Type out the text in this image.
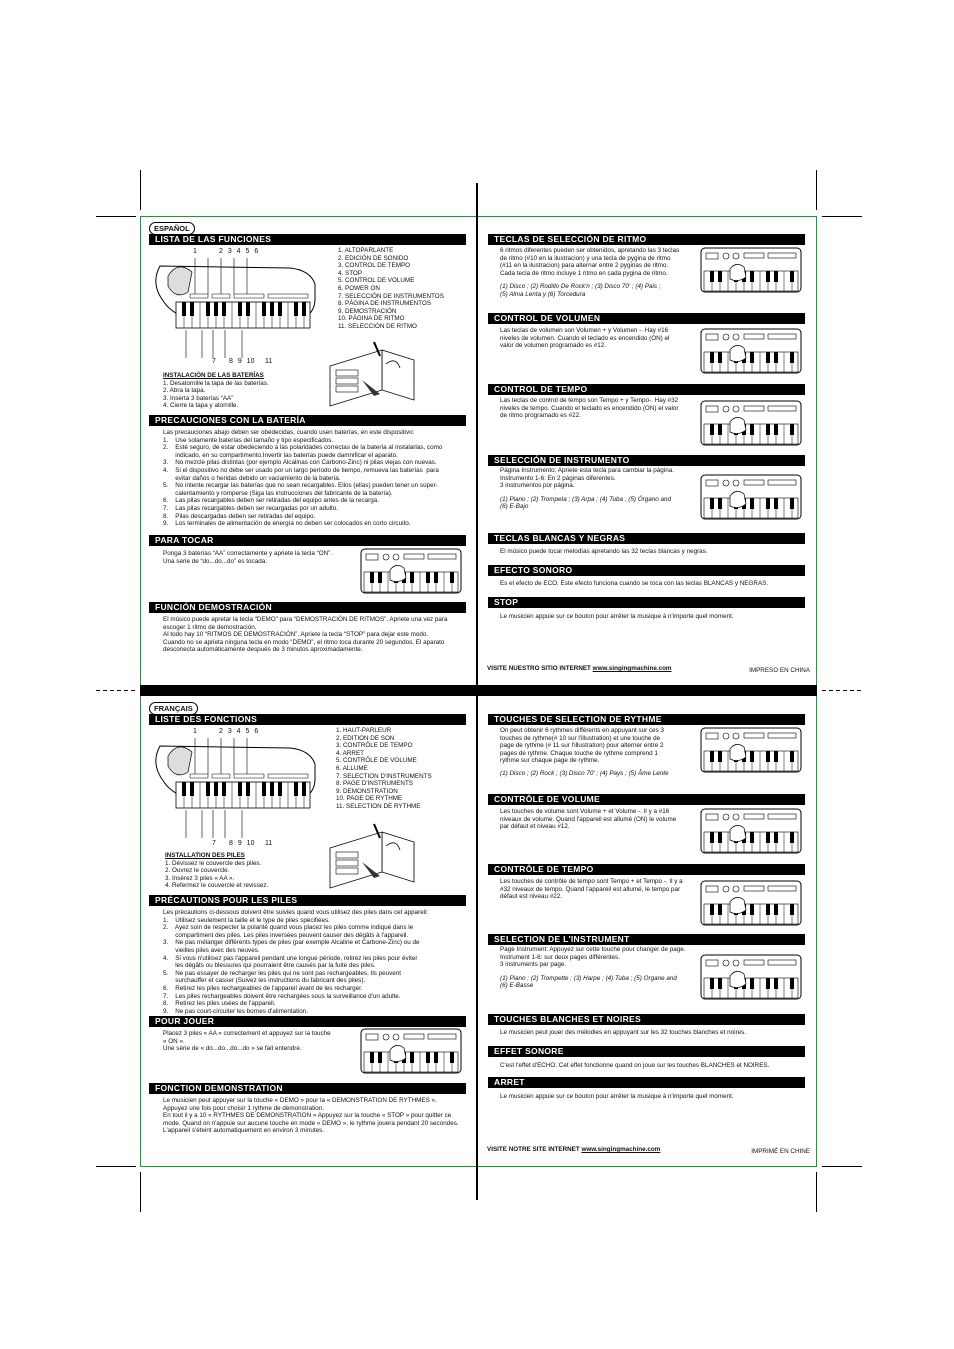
ESPAÑOL
LISTA DE LAS FUNCIONES
1	2 3 4 5 6
7 8 9 10 11

1. ALTOPARLANTE

2. EDICIÓN DE SONIDO

3. CONTROL DE TEMPO

4. STOP

5. CONTROL DE VOLUME

6. POWER ON

7. SELECCIÓN DE INSTRUMENTOS

8. PÁGINA DE INSTRUMENTOS

9. DEMOSTRACIÓN

10. PÁGINA DE RITMO

11. SELECCIÓN DE RITMO

INSTALACIÓN DE LAS BATERÍAS

1. Desatornille la tapa de las baterías.

2. Abra la tapa.

3. Inserta 3 baterías “AA”

4. Cierre la tapa y atornille.

PRECAUCIONES CON LA BATERÍA

Las precauciones abajo deben ser obedecidas, cuando usen baterías, en este dispositivo:

1.    Use solamente baterías del tamaño y tipo especificados.

2.    Esté seguro, de estar obedeciendo a las polaridades correctas de la batería al instalarlas, como

indicado, en su compartimento.Invertir las baterías puede damnificar el aparato.

3.    No mezcle pilas distintas (por ejemplo Alcalinas con Carbono-Zinc) ni pilas viejas con nuevas.

4.    Si el dispositivo no debe ser usado por un largo período de tiempo, remueva las baterías  para

evitar daños o heridas debido un vaciamiento de la batería.

5.    No intente recargar las baterías que no sean recargables. Ellos (ellas) pueden tener un súper-

calentamiento y romperse (Siga las instrucciones del fabricante de la batería).

6.    Las pilas recargables deben ser retiradas del equipo antes de la recarga.

7.    Las pilas recargables deben ser recargadas por un adulto.

8.    Pilas descargadas deben ser retiradas del equipo.

9.    Los terminales de alimentación de energía no deben ser colocados en corto circuito.

PARA TOCAR

Ponga 3 baterías “AA” correctamente y apriete la tecla “ON”.

Una serie de “do...do...do” es tocada.

FUNCIÓN DEMOSTRACIÓN

El músico puede apretar la tecla “DEMO” para “DEMOSTRACIÓN DE RITMOS”. Apriete una vez para

escoger 1 ritmo de demostración.

Al todo hay 10 “RITMOS DE DEMOSTRACIÓN”. Apriete la tecla “STOP” para dejar este modo.

Cuando no se aprieta ninguna tecla en modo “DEMO”, el ritmo toca durante 20 segundos. El aparato

desconecta automáticamente después de 3 minutos aproximadamente.

TECLAS DE SELECCIÓN DE RITMO

6 ritmos diferentes pueden ser obtenidos, apretando las 3 teclas

de ritmo (#10 en la ilustracion) y una tecla de pygina de ritmo

(#11 en la ilustracion) para alternar entre 2 pyginas de ritmo.

Cada tecla de ritmo incluye 1 ritmo en cada pygina de ritmo.

(1) Disco ; (2) Rodillo De Rock'n ; (3) Disco 70' ; (4) Pais ;

(5) Alma Lenta y (6) Torcedura

CONTROL DE VOLUMEN

Las teclas de volumen son Volumen + y Volumen -. Hay #16

niveles de volumen. Cuando el teclado es encendido (ON) el

valor de volumen programado es #12.

CONTROL DE TEMPO

Las teclas de control de tempo son Tempo + y Tempo-. Hay #32

niveles de tempo. Cuando el teclado es encendido (ON) el valor

de ritmo programado es #22.

SELECCIÓN DE INSTRUMENTO

Página Instrumento: Apriete esta tecla para cambiar la página.

Instrumento 1-6: En 2 páginas diferentes.

3 instrumentos por página.

(1) Piano ; (2) Trompeta ; (3) Arpa ; (4) Tuba ; (5) Órgano and

(6) E-Bajo

TECLAS BLANCAS Y NEGRAS
El músico puede tocar melodías apretando las 32 teclas blancas y negras.
EFECTO SONORO
Es el efecto de ECO. Este efecto funciona cuando se toca con las teclas BLANCAS y NEGRAS.
STOP
Le musicien appuie sur ce bouton pour arrêter la musique à n'importe quel moment.
VISITE NUESTRO SITIO INTERNET www.singingmachine.com	IMPRESO EN CHINA
FRANÇAIS
LISTE DES FONCTIONS
1	2 3 4 5 6
7 8 9 10 11

1. HAUT-PARLEUR

2. EDITION DE SON

3. CONTRÔLE DE TEMPO

4. ARRET

5. CONTRÔLE DE VOLUME

6. ALLUME

7. SELECTION D'INSTRUMENTS

8. PAGE D'INSTRUMENTS

9. DEMONSTRATION

10. PAGE DE RYTHME

11. SELECTION DE RYTHME

INSTALLATION DES PILES

1. Dévissez le couvercle des piles.

2. Ouvrez le couvercle.

3. Insérez 3 piles « AA ».

4. Refermez le couvercle et revissez.

PRÉCAUTIONS POUR LES PILES

Les précautions ci-dessous doivent être suivies quand vous utilisez des piles dans cet appareil:

1.    Utilisez seulement la taille et le type de piles spécifiées.

2.    Ayez soin de respecter la polarité quand vous placez les piles comme indiqué dans le

compartiment des piles. Les piles inversées peuvent causer des dégâts à l'appareil.

3.    Ne pas mélanger différents types de piles (par exemple Alcaline et Carbone-Zinc) ou de

vieilles piles avec des neuves.

4.    Si vous n'utilisez pas l'appareil pendant une longue période, retirez les piles pour éviter

les dégâts ou blessures qui pourraient être causés par la fuite des piles.

5.    Ne pas essayer de recharger les piles qui ne sont pas rechargeables. Ils peuvent

surchauffer et casser (Suivez les instructions du fabricant des piles).

6.    Retirez les piles rechargeables de l'appareil avant de les recharger.

7.    Les piles rechargeables doivent être rechargées sous la surveillance d'un adulte.

8.    Retirez les piles usées de l'appareil.

9.    Ne pas court-circuiter les bornes d'alimentation.

POUR JOUER

Placez 3 piles « AA » correctement et appuyez sur la touche

« ON ».

Une série de « do...do...do...do » se fait entendre.

FONCTION DEMONSTRATION

Le musicien peut appuyer sur la touche « DEMO » pour la « DEMONSTRATION DE RYTHMES ».

Appuyez une fois pour choisir 1 rythme de démonstration.

En tout il y a 10 « RYTHMES DE DEMONSTRATION » Appuyez sur la touche « STOP » pour quitter ce

mode. Quand on n'appuie sur aucune touche en mode « DEMO », le rythme jouera pendant 20 secondes.

L'appareil s'éteint automatiquement en environ 3 minutes.

TOUCHES DE SELECTION DE RYTHME

On peut obtenir 6 rythmes différents en appuyant sur ces 3

touches de rythme(# 10 sur l'illustration) et une touche de

page de rythme (# 11 sur l'illustration) pour alterner entre 2

pages de rythme. Chaque touche de rythme comprend 1

rythme sur chaque page de rythme.

(1) Disco ; (2) Rock ; (3) Disco 70' ; (4) Pays ; (5) Âme Lente

CONTRÔLE DE VOLUME

Les touches de volume sont Volume + et Volume -. Il y a #16

niveaux de volume. Quand l'appareil est allumé (ON) le volume

par défaut et niveau #12.

CONTRÔLE DE TEMPO

Les touches de contrôle de tempo sont Tempo + et Tempo -. Il y a

#32 niveaux de tempo. Quand l'appareil est allumé, le tempo par

défaut est niveau #22.

SELECTION DE L'INSTRUMENT

Page Instrument: Appuyez sur cette touche pour changer de page.

Instrument 1-6: sur deux pages différentes.

3 instruments par page.

(1) Piano ; (2) Trompette ; (3) Harpe ; (4) Tuba ; (5) Organe and

(6) E-Basse

TOUCHES BLANCHES ET NOIRES
Le musicien peut jouer des mélodies en appuyant sur les 32 touches blanches et noires.
EFFET SONORE
C'est l'effet d'ECHO. Cet effet fonctionne quand on joue sur les touches BLANCHES et NOIRES.
ARRET
Le musicien appuie sur ce bouton pour arrêter la musique à n'importe quel moment.
VISITE NOTRE SITE INTERNET www.singingmachine.com	IMPRIMÉ EN CHINE
